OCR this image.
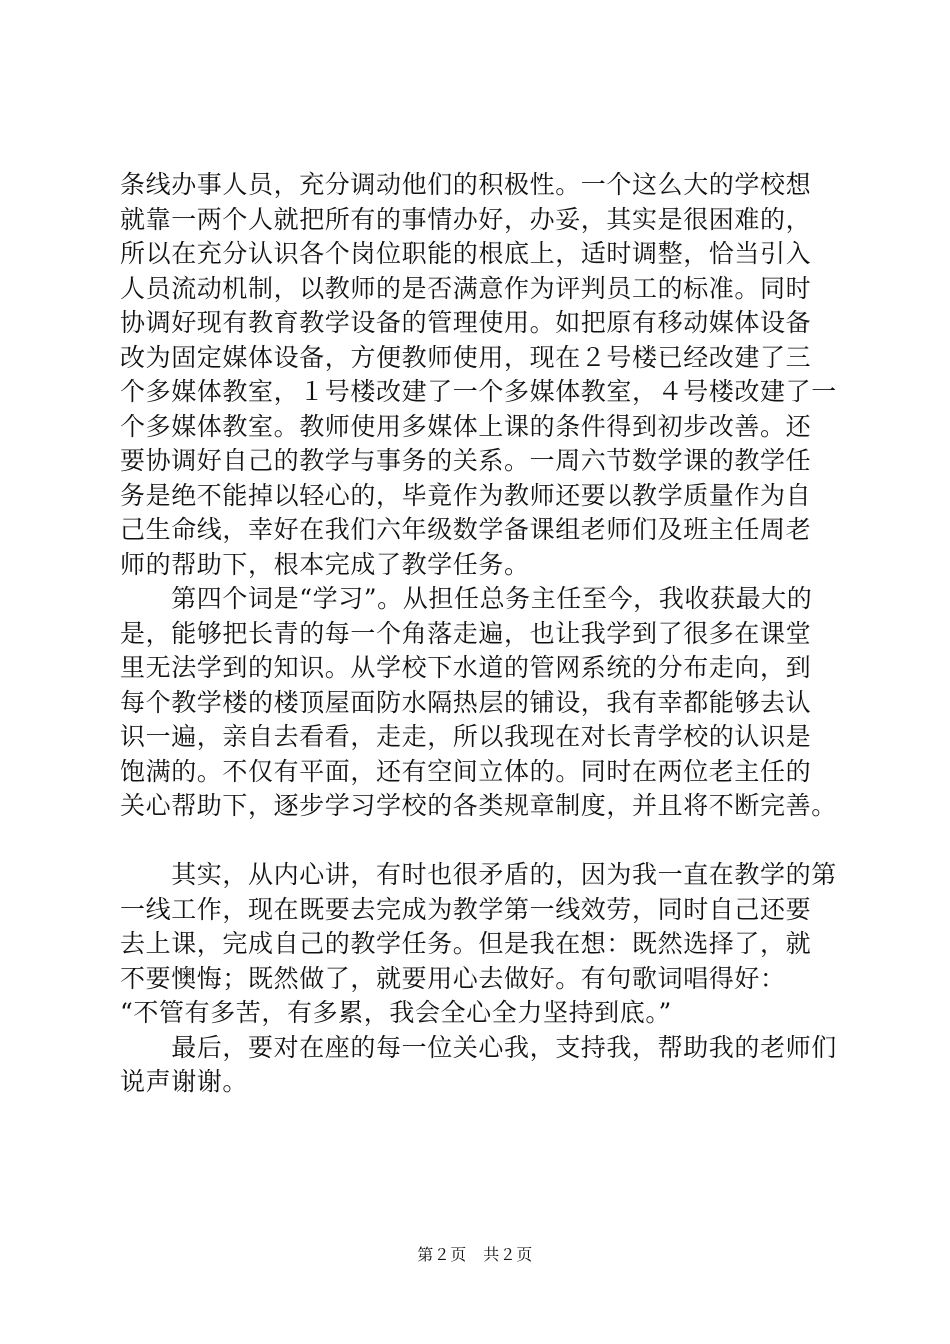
条线办事人员，充分调动他们的积极性。一个这么大的学校想
就靠一两个人就把所有的事情办好，办妥，其实是很困难的，
所以在充分认识各个岗位职能的根底上，适时调整，恰当引入
人员流动机制，以教师的是否满意作为评判员工的标准。同时
协调好现有教育教学设备的管理使用。如把原有移动媒体设备
改为固定媒体设备，方便教师使用，现在２号楼已经改建了三
个多媒体教室，１号楼改建了一个多媒体教室，４号楼改建了一
个多媒体教室。教师使用多媒体上课的条件得到初步改善。还
要协调好自己的教学与事务的关系。一周六节数学课的教学任
务是绝不能掉以轻心的，毕竟作为教师还要以教学质量作为自
己生命线，幸好在我们六年级数学备课组老师们及班主任周老
师的帮助下，根本完成了教学任务。
　　第四个词是“学习”。从担任总务主任至今，我收获最大的
是，能够把长青的每一个角落走遍，也让我学到了很多在课堂
里无法学到的知识。从学校下水道的管网系统的分布走向，到
每个教学楼的楼顶屋面防水隔热层的铺设，我有幸都能够去认
识一遍，亲自去看看，走走，所以我现在对长青学校的认识是
饱满的。不仅有平面，还有空间立体的。同时在两位老主任的
关心帮助下，逐步学习学校的各类规章制度，并且将不断完善。
　　其实，从内心讲，有时也很矛盾的，因为我一直在教学的第
一线工作，现在既要去完成为教学第一线效劳，同时自己还要
去上课，完成自己的教学任务。但是我在想：既然选择了，就
不要懊悔；既然做了，就要用心去做好。有句歌词唱得好：
“不管有多苦，有多累，我会全心全力坚持到底。”
　　最后，要对在座的每一位关心我，支持我，帮助我的老师们
说声谢谢。
第２页　共２页
